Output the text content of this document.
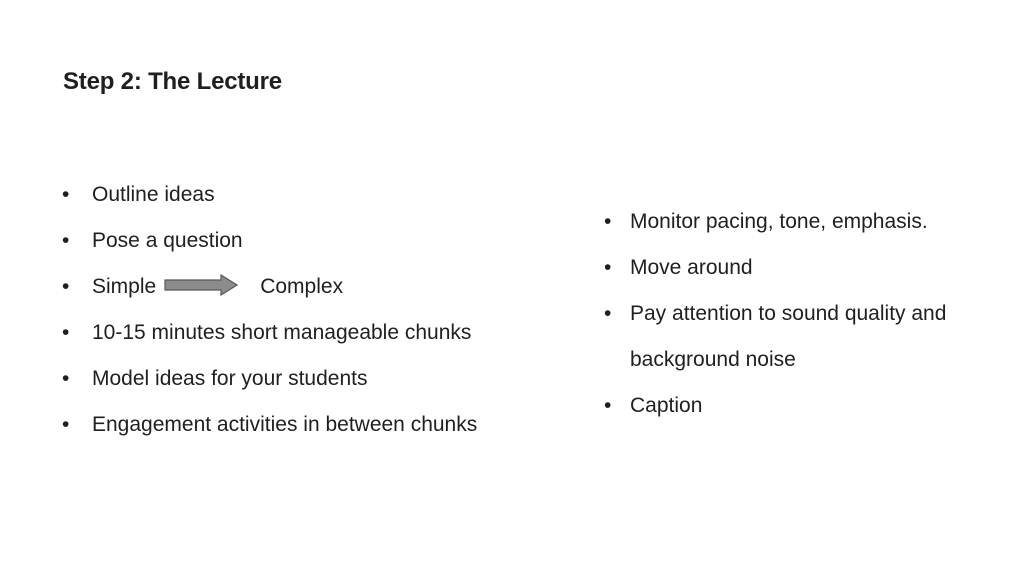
Step 2: The Lecture
• Outline ideas
• Pose a question
• Simple	Complex
• 10-15 minutes short manageable chunks
• Model ideas for your students
• Engagement activities in between chunks
• Monitor pacing, tone, emphasis.
• Move around
• Pay attention to sound quality and background noise
• Caption
